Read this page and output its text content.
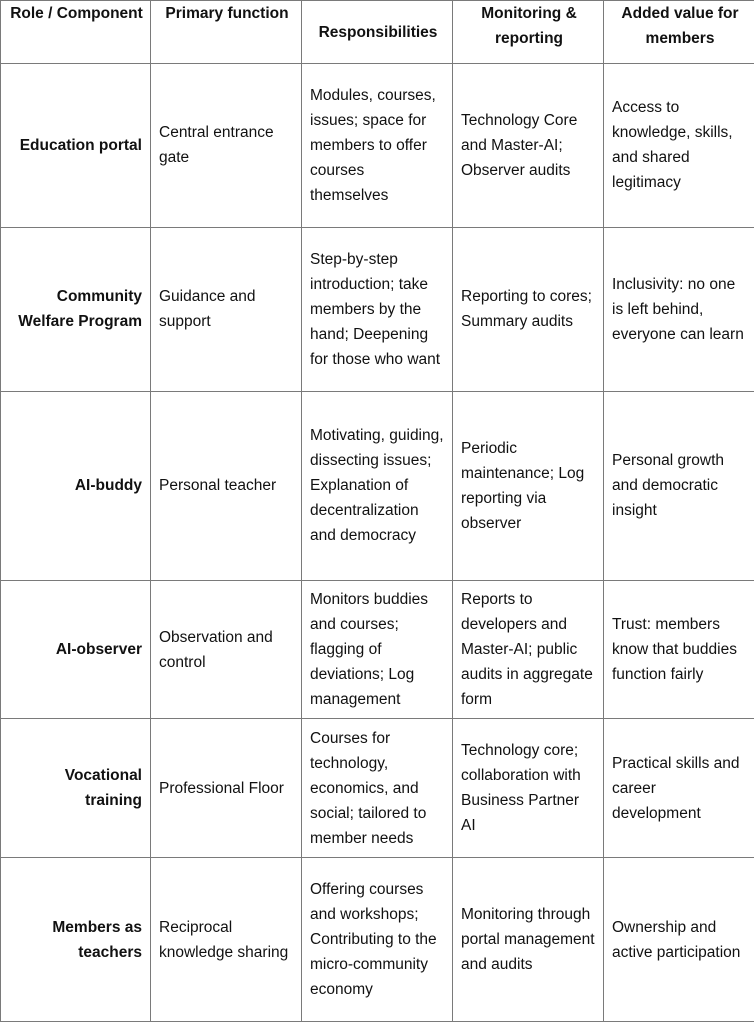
Role / Component	Primary function	Responsibilities	Monitoring & reporting	Added value for members
Education portal	Central entrance gate	Modules, courses, issues; space for members to offer courses themselves	Technology Core and Master-AI; Observer audits	Access to knowledge, skills, and shared legitimacy
Community Welfare Program	Guidance and support	Step-by-step introduction; take members by the hand; Deepening for those who want	Reporting to cores; Summary audits	Inclusivity: no one is left behind, everyone can learn
AI-buddy	Personal teacher	Motivating, guiding, dissecting issues; Explanation of decentralization and democracy	Periodic maintenance; Log reporting via observer	Personal growth and democratic insight
AI-observer	Observation and control	Monitors buddies and courses; flagging of deviations; Log management	Reports to developers and Master-AI; public audits in aggregate form	Trust: members know that buddies function fairly
Vocational training	Professional Floor	Courses for technology, economics, and social; tailored to member needs	Technology core; collaboration with Business Partner AI	Practical skills and career development
Members as teachers	Reciprocal knowledge sharing	Offering courses and workshops; Contributing to the micro-community economy	Monitoring through portal management and audits	Ownership and active participation
